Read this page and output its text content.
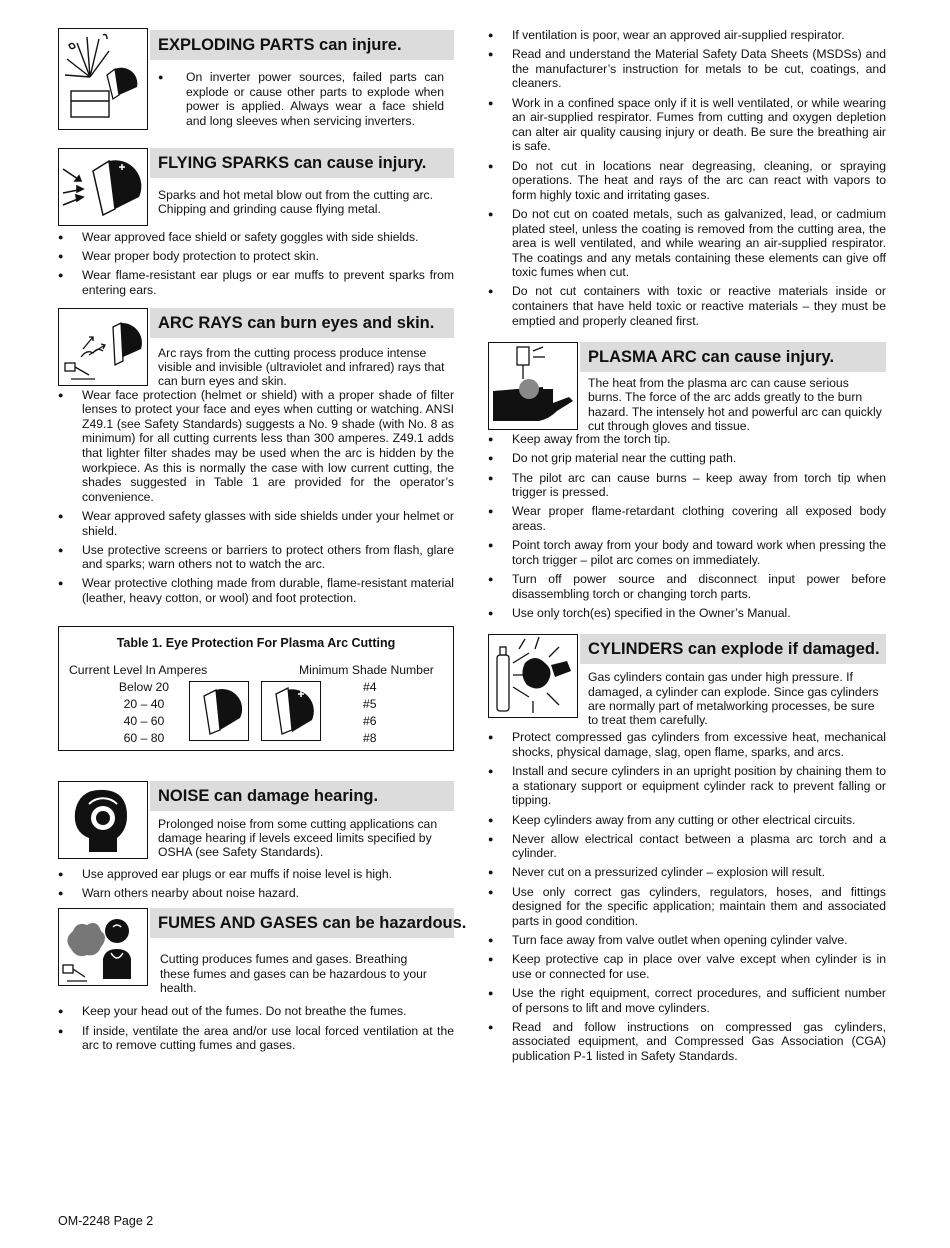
EXPLODING PARTS can injure.
● On inverter power sources, failed parts can explode or cause other parts to explode when power is applied. Always wear a face shield and long sleeves when servicing inverters.
FLYING SPARKS can cause injury.
Sparks and hot metal blow out from the cutting arc. Chipping and grinding cause flying metal.
● Wear approved face shield or safety goggles with side shields.
● Wear proper body protection to protect skin.
● Wear flame-resistant ear plugs or ear muffs to prevent sparks from entering ears.
ARC RAYS can burn eyes and skin.
Arc rays from the cutting process produce intense visible and invisible (ultraviolet and infrared) rays that can burn eyes and skin.
● Wear face protection (helmet or shield) with a proper shade of filter lenses to protect your face and eyes when cutting or watching. ANSI Z49.1 (see Safety Standards) suggests a No. 9 shade (with No. 8 as minimum) for all cutting currents less than 300 amperes. Z49.1 adds that lighter filter shades may be used when the arc is hidden by the workpiece. As this is normally the case with low current cutting, the shades suggested in Table 1 are provided for the operator’s convenience.
● Wear approved safety glasses with side shields under your helmet or shield.
● Use protective screens or barriers to protect others from flash, glare and sparks; warn others not to watch the arc.
● Wear protective clothing made from durable, flame-resistant material (leather, heavy cotton, or wool) and foot protection.
Table 1. Eye Protection For Plasma Arc Cutting
Current Level In Amperes	Minimum Shade Number
Below 20
20 – 40
40 – 60
60 – 80
#4
#5
#6
#8
NOISE can damage hearing.
Prolonged noise from some cutting applications can damage hearing if levels exceed limits specified by OSHA (see Safety Standards).
● Use approved ear plugs or ear muffs if noise level is high.
● Warn others nearby about noise hazard.
FUMES AND GASES can be hazardous.
Cutting produces fumes and gases. Breathing these fumes and gases can be hazardous to your health.
● Keep your head out of the fumes. Do not breathe the fumes.
● If inside, ventilate the area and/or use local forced ventilation at the arc to remove cutting fumes and gases.
● If ventilation is poor, wear an approved air-supplied respirator.
● Read and understand the Material Safety Data Sheets (MSDSs) and the manufacturer’s instruction for metals to be cut, coatings, and cleaners.
● Work in a confined space only if it is well ventilated, or while wearing an air-supplied respirator. Fumes from cutting and oxygen depletion can alter air quality causing injury or death. Be sure the breathing air is safe.
● Do not cut in locations near degreasing, cleaning, or spraying operations. The heat and rays of the arc can react with vapors to form highly toxic and irritating gases.
● Do not cut on coated metals, such as galvanized, lead, or cadmium plated steel, unless the coating is removed from the cutting area, the area is well ventilated, and while wearing an air-supplied respirator. The coatings and any metals containing these elements can give off toxic fumes when cut.
● Do not cut containers with toxic or reactive materials inside or containers that have held toxic or reactive materials – they must be emptied and properly cleaned first.
PLASMA ARC can cause injury.
The heat from the plasma arc can cause serious burns. The force of the arc adds greatly to the burn hazard. The intensely hot and powerful arc can quickly cut through gloves and tissue.
● Keep away from the torch tip.
● Do not grip material near the cutting path.
● The pilot arc can cause burns – keep away from torch tip when trigger is pressed.
● Wear proper flame-retardant clothing covering all exposed body areas.
● Point torch away from your body and toward work when pressing the torch trigger – pilot arc comes on immediately.
● Turn off power source and disconnect input power before disassembling torch or changing torch parts.
● Use only torch(es) specified in the Owner’s Manual.
CYLINDERS can explode if damaged.
Gas cylinders contain gas under high pressure. If damaged, a cylinder can explode. Since gas cylinders are normally part of metalworking processes, be sure to treat them carefully.
● Protect compressed gas cylinders from excessive heat, mechanical shocks, physical damage, slag, open flame, sparks, and arcs.
● Install and secure cylinders in an upright position by chaining them to a stationary support or equipment cylinder rack to prevent falling or tipping.
● Keep cylinders away from any cutting or other electrical circuits.
● Never allow electrical contact between a plasma arc torch and a cylinder.
● Never cut on a pressurized cylinder – explosion will result.
● Use only correct gas cylinders, regulators, hoses, and fittings designed for the specific application; maintain them and associated parts in good condition.
● Turn face away from valve outlet when opening cylinder valve.
● Keep protective cap in place over valve except when cylinder is in use or connected for use.
● Use the right equipment, correct procedures, and sufficient number of persons to lift and move cylinders.
● Read and follow instructions on compressed gas cylinders, associated equipment, and Compressed Gas Association (CGA) publication P-1 listed in Safety Standards.
OM-2248 Page 2
